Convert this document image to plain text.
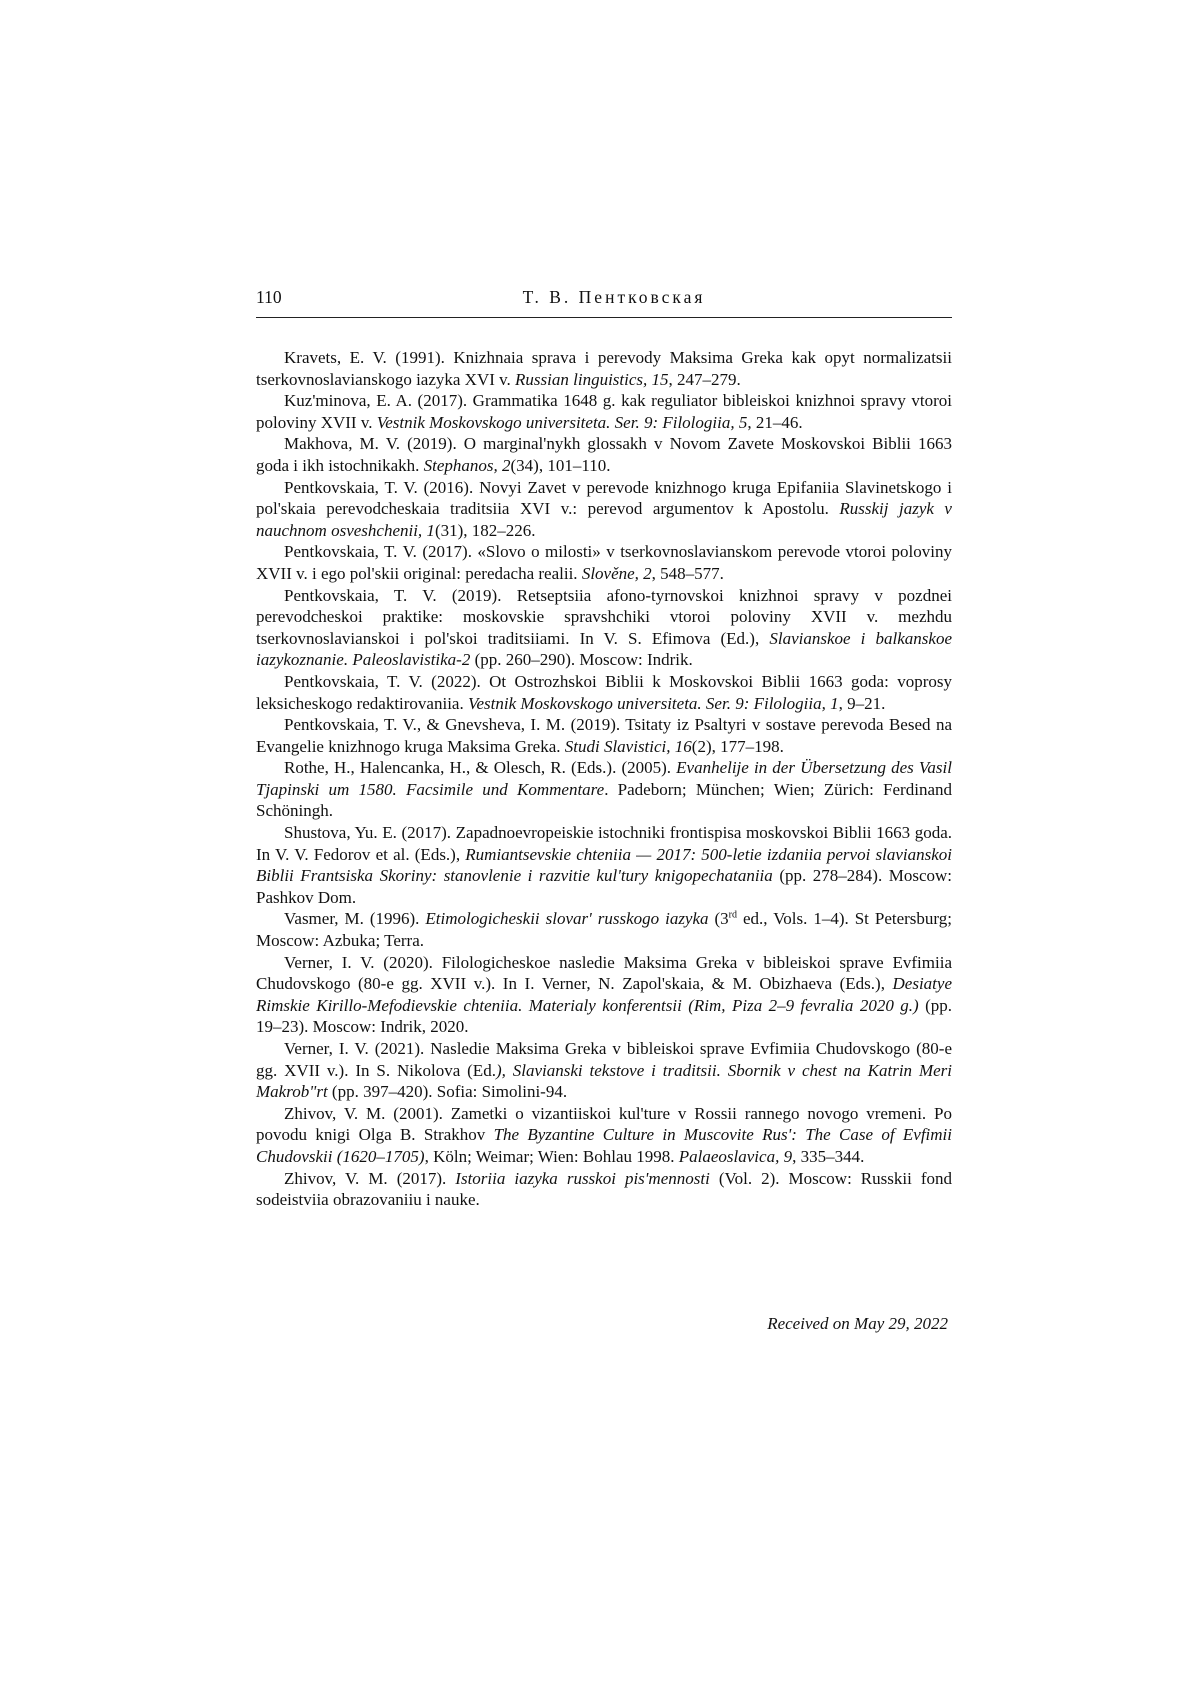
110	Т. В. Пентковская

Kravets, E. V. (1991). Knizhnaia sprava i perevody Maksima Greka kak opyt normalizatsii tserkovnoslavianskogo iazyka XVI v. Russian linguistics, 15, 247–279.

Kuz'minova, E. A. (2017). Grammatika 1648 g. kak reguliator bibleiskoi knizhnoi spravy vtoroi poloviny XVII v. Vestnik Moskovskogo universiteta. Ser. 9: Filologiia, 5, 21–46.

Makhova, M. V. (2019). O marginal'nykh glossakh v Novom Zavete Moskovskoi Biblii 1663 goda i ikh istochnikakh. Stephanos, 2(34), 101–110.

Pentkovskaia, T. V. (2016). Novyi Zavet v perevode knizhnogo kruga Epifaniia Slavinetskogo i pol'skaia perevodcheskaia traditsiia XVI v.: perevod argumentov k Apostolu. Russkij jazyk v nauchnom osveshchenii, 1(31), 182–226.

Pentkovskaia, T. V. (2017). «Slovo o milosti» v tserkovnoslavianskom perevode vtoroi poloviny XVII v. i ego pol'skii original: peredacha realii. Slověne, 2, 548–577.

Pentkovskaia, T. V. (2019). Retseptsiia afono-tyrnovskoi knizhnoi spravy v pozdnei perevodcheskoi praktike: moskovskie spravshchiki vtoroi poloviny XVII v. mezhdu tserkovnoslavianskoi i pol'skoi traditsiiami. In V. S. Efimova (Ed.), Slavianskoe i balkanskoe iazykoznanie. Paleoslavistika-2 (pp. 260–290). Moscow: Indrik.

Pentkovskaia, T. V. (2022). Ot Ostrozhskoi Biblii k Moskovskoi Biblii 1663 goda: voprosy leksicheskogo redaktirovaniia. Vestnik Moskovskogo universiteta. Ser. 9: Filologiia, 1, 9–21.

Pentkovskaia, T. V., & Gnevsheva, I. M. (2019). Tsitaty iz Psaltyri v sostave perevoda Besed na Evangelie knizhnogo kruga Maksima Greka. Studi Slavistici, 16(2), 177–198.

Rothe, H., Halencanka, H., & Olesch, R. (Eds.). (2005). Evanhelije in der Übersetzung des Vasil Tjapinski um 1580. Facsimile und Kommentare. Padeborn; München; Wien; Zürich: Ferdinand Schöningh.

Shustova, Yu. E. (2017). Zapadnoevropeiskie istochniki frontispisa moskovskoi Biblii 1663 goda. In V. V. Fedorov et al. (Eds.), Rumiantsevskie chteniia — 2017: 500-letie izdaniia pervoi slavianskoi Biblii Frantsiska Skoriny: stanovlenie i razvitie kul'tury knigopechataniia (pp. 278–284). Moscow: Pashkov Dom.

Vasmer, M. (1996). Etimologicheskii slovar' russkogo iazyka (3rd ed., Vols. 1–4). St Petersburg; Moscow: Azbuka; Terra.

Verner, I. V. (2020). Filologicheskoe nasledie Maksima Greka v bibleiskoi sprave Evfimiia Chudovskogo (80-e gg. XVII v.). In I. Verner, N. Zapol'skaia, & M. Obizhaeva (Eds.), Desiatye Rimskie Kirillo-Mefodievskie chteniia. Materialy konferentsii (Rim, Piza 2–9 fevralia 2020 g.) (pp. 19–23). Moscow: Indrik, 2020.

Verner, I. V. (2021). Nasledie Maksima Greka v bibleiskoi sprave Evfimiia Chudovskogo (80-e gg. XVII v.). In S. Nikolova (Ed.), Slavianski tekstove i traditsii. Sbornik v chest na Katrin Meri Makrob"rt (pp. 397–420). Sofia: Simolini-94.

Zhivov, V. M. (2001). Zametki o vizantiiskoi kul'ture v Rossii rannego novogo vremeni. Po povodu knigi Olga B. Strakhov The Byzantine Culture in Muscovite Rus': The Case of Evfimii Chudovskii (1620–1705), Köln; Weimar; Wien: Bohlau 1998. Palaeoslavica, 9, 335–344.

Zhivov, V. M. (2017). Istoriia iazyka russkoi pis'mennosti (Vol. 2). Moscow: Russkii fond sodeistviia obrazovaniiu i nauke.

Received on May 29, 2022
